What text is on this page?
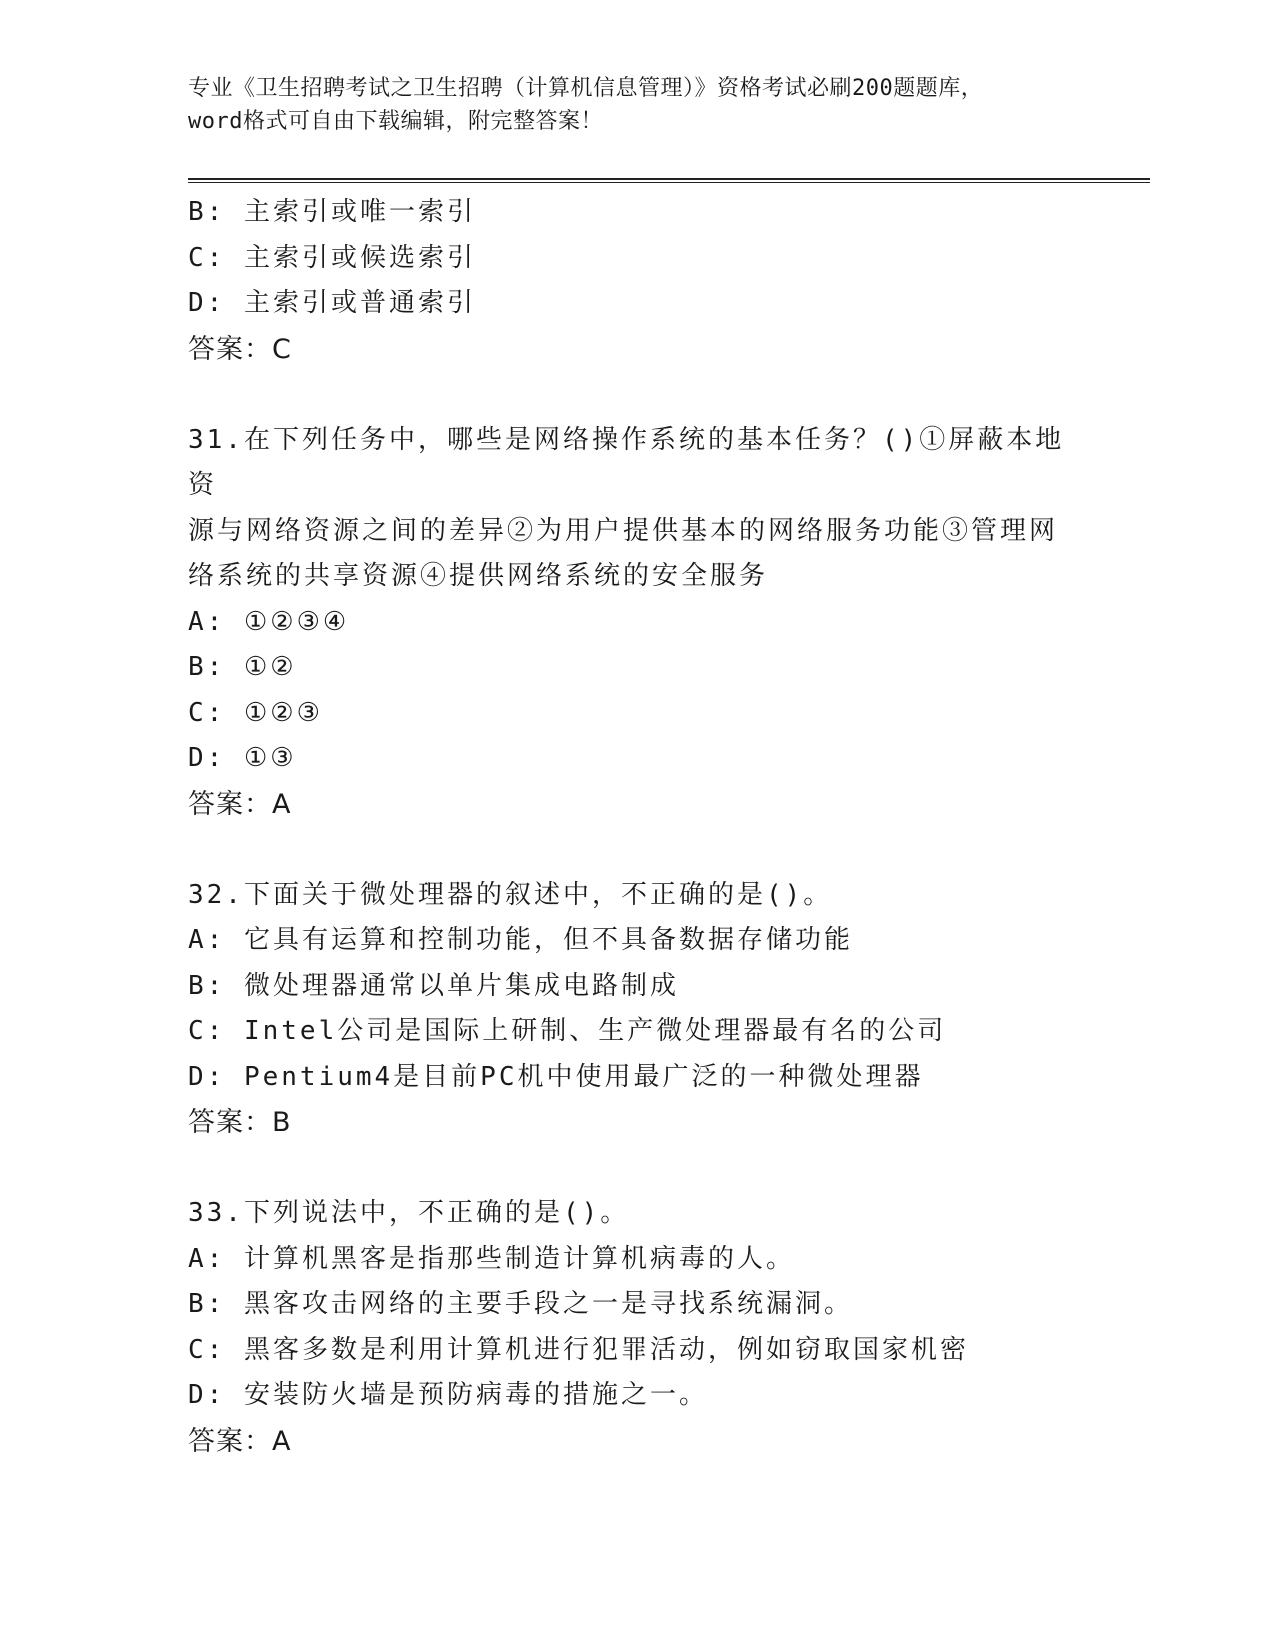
专业《卫生招聘考试之卫生招聘（计算机信息管理）》资格考试必刷200题题库，
word格式可自由下载编辑，附完整答案！
B: 主索引或唯一索引
C: 主索引或候选索引
D: 主索引或普通索引
答案：C
31.在下列任务中，哪些是网络操作系统的基本任务？()①屏蔽本地资
源与网络资源之间的差异②为用户提供基本的网络服务功能③管理网
络系统的共享资源④提供网络系统的安全服务
A: ①②③④
B: ①②
C: ①②③
D: ①③
答案：A
32.下面关于微处理器的叙述中，不正确的是()。
A: 它具有运算和控制功能，但不具备数据存储功能
B: 微处理器通常以单片集成电路制成
C: Intel公司是国际上研制、生产微处理器最有名的公司
D: Pentium4是目前PC机中使用最广泛的一种微处理器
答案：B
33.下列说法中，不正确的是()。
A: 计算机黑客是指那些制造计算机病毒的人。
B: 黑客攻击网络的主要手段之一是寻找系统漏洞。
C: 黑客多数是利用计算机进行犯罪活动，例如窃取国家机密
D: 安装防火墙是预防病毒的措施之一。
答案：A
